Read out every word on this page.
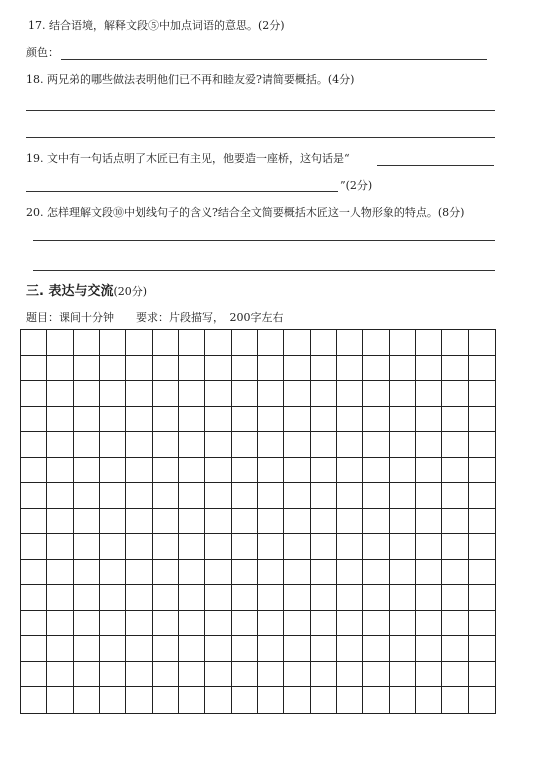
17. 结合语境，解释文段⑤中加点词语的意思。(2分)
颜色：
18. 两兄弟的哪些做法表明他们已不再和睦友爱?请简要概括。(4分)
19. 文中有一句话点明了木匠已有主见，他要造一座桥，这句话是“
”(2分)
20. 怎样理解文段⑩中划线句子的含义?结合全文简要概括木匠这一人物形象的特点。(8分)
三. 表达与交流(20分)
题目：课间十分钟　　要求：片段描写，　200字左右
